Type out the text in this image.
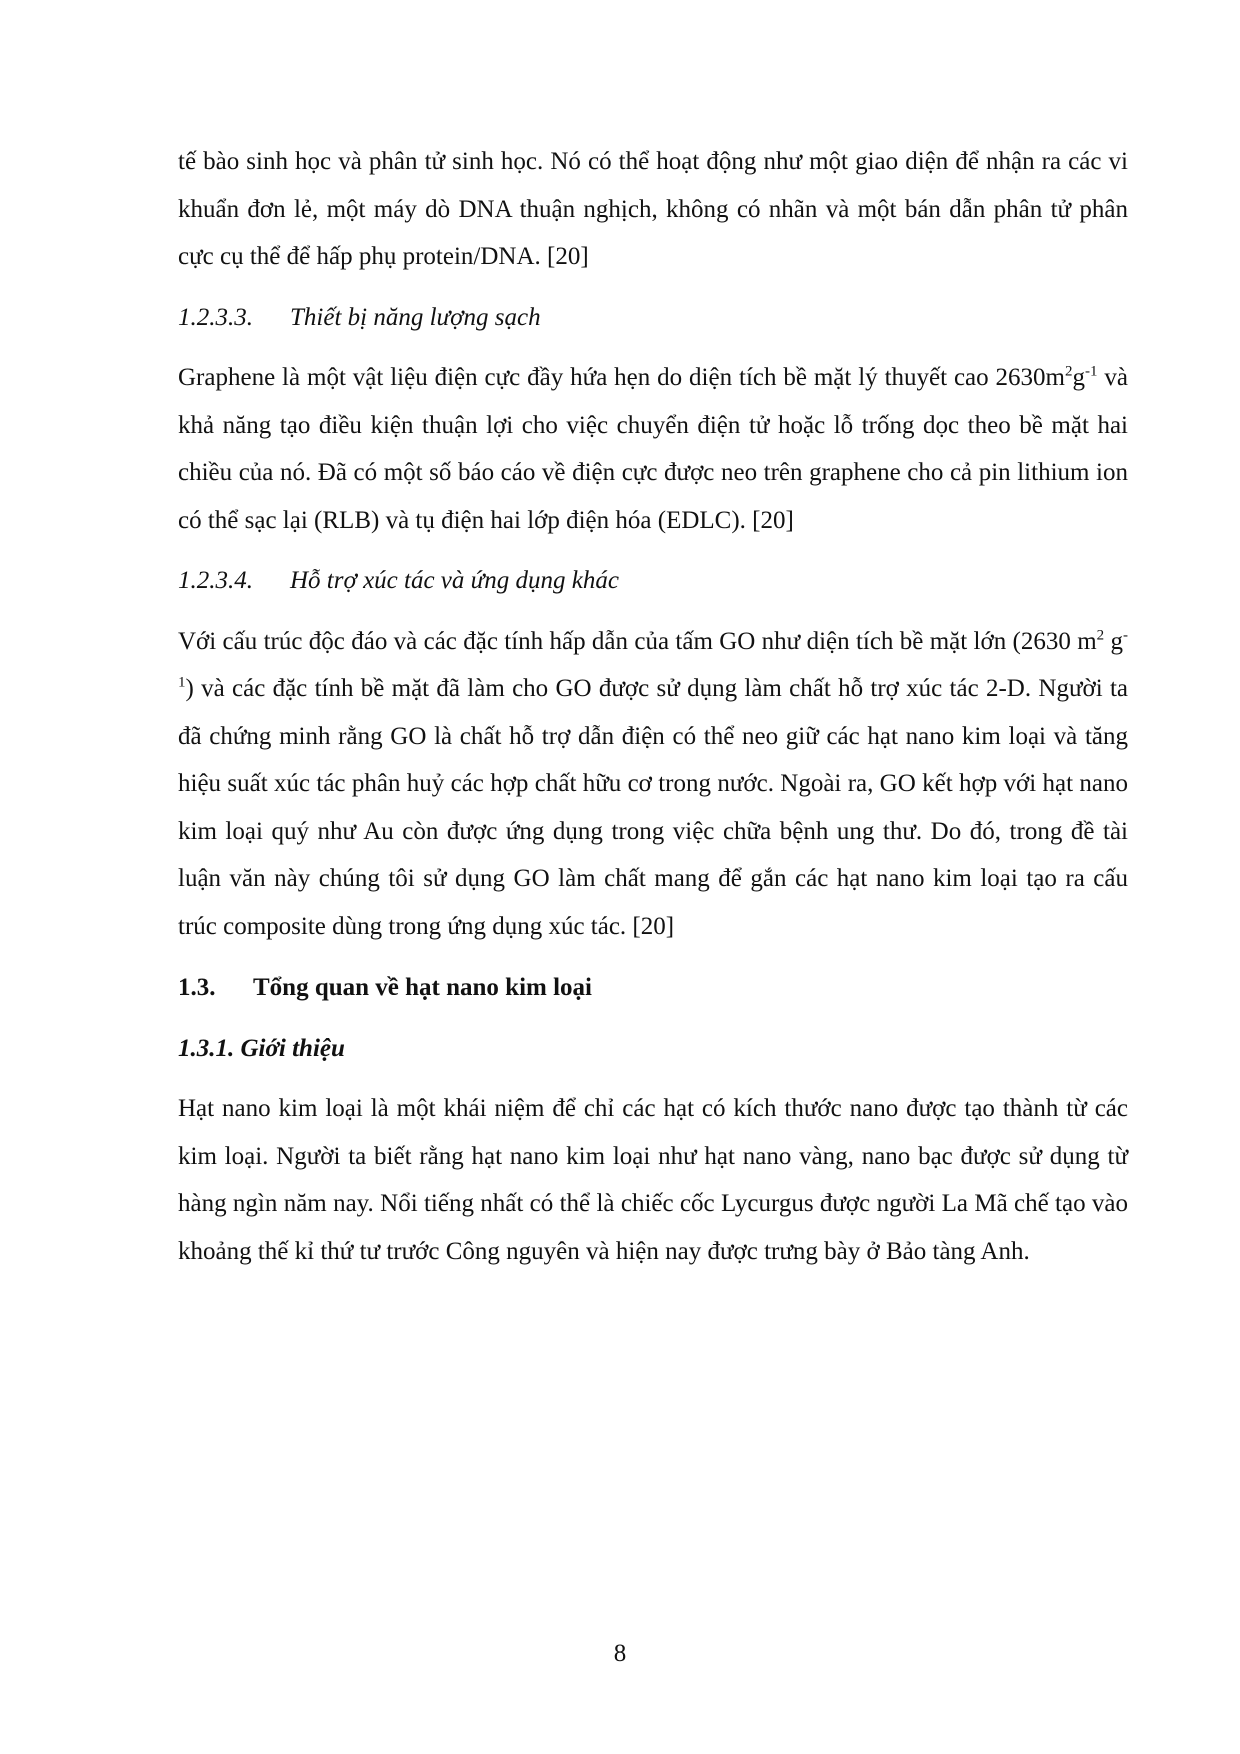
tế bào sinh học và phân tử sinh học. Nó có thể hoạt động như một giao diện để nhận ra các vi khuẩn đơn lẻ, một máy dò DNA thuận nghịch, không có nhãn và một bán dẫn phân tử phân cực cụ thể để hấp phụ protein/DNA. [20]

1.2.3.3. Thiết bị năng lượng sạch

Graphene là một vật liệu điện cực đầy hứa hẹn do diện tích bề mặt lý thuyết cao $2630m^2g^{-1}$ và khả năng tạo điều kiện thuận lợi cho việc chuyển điện tử hoặc lỗ trống dọc theo bề mặt hai chiều của nó. Đã có một số báo cáo về điện cực được neo trên graphene cho cả pin lithium ion có thể sạc lại (RLB) và tụ điện hai lớp điện hóa (EDLC). [20]

1.2.3.4. Hỗ trợ xúc tác và ứng dụng khác

Với cấu trúc độc đáo và các đặc tính hấp dẫn của tấm GO như diện tích bề mặt lớn (2630 $m^2$ $g^{-1}$) và các đặc tính bề mặt đã làm cho GO được sử dụng làm chất hỗ trợ xúc tác 2-D. Người ta đã chứng minh rằng GO là chất hỗ trợ dẫn điện có thể neo giữ các hạt nano kim loại và tăng hiệu suất xúc tác phân huỷ các hợp chất hữu cơ trong nước. Ngoài ra, GO kết hợp với hạt nano kim loại quý như Au còn được ứng dụng trong việc chữa bệnh ung thư. Do đó, trong đề tài luận văn này chúng tôi sử dụng GO làm chất mang để gắn các hạt nano kim loại tạo ra cấu trúc composite dùng trong ứng dụng xúc tác. [20]

1.3. Tổng quan về hạt nano kim loại

1.3.1. Giới thiệu

Hạt nano kim loại là một khái niệm để chỉ các hạt có kích thước nano được tạo thành từ các kim loại. Người ta biết rằng hạt nano kim loại như hạt nano vàng, nano bạc được sử dụng từ hàng ngìn năm nay. Nổi tiếng nhất có thể là chiếc cốc Lycurgus được người La Mã chế tạo vào khoảng thế kỉ thứ tư trước Công nguyên và hiện nay được trưng bày ở Bảo tàng Anh.

8
